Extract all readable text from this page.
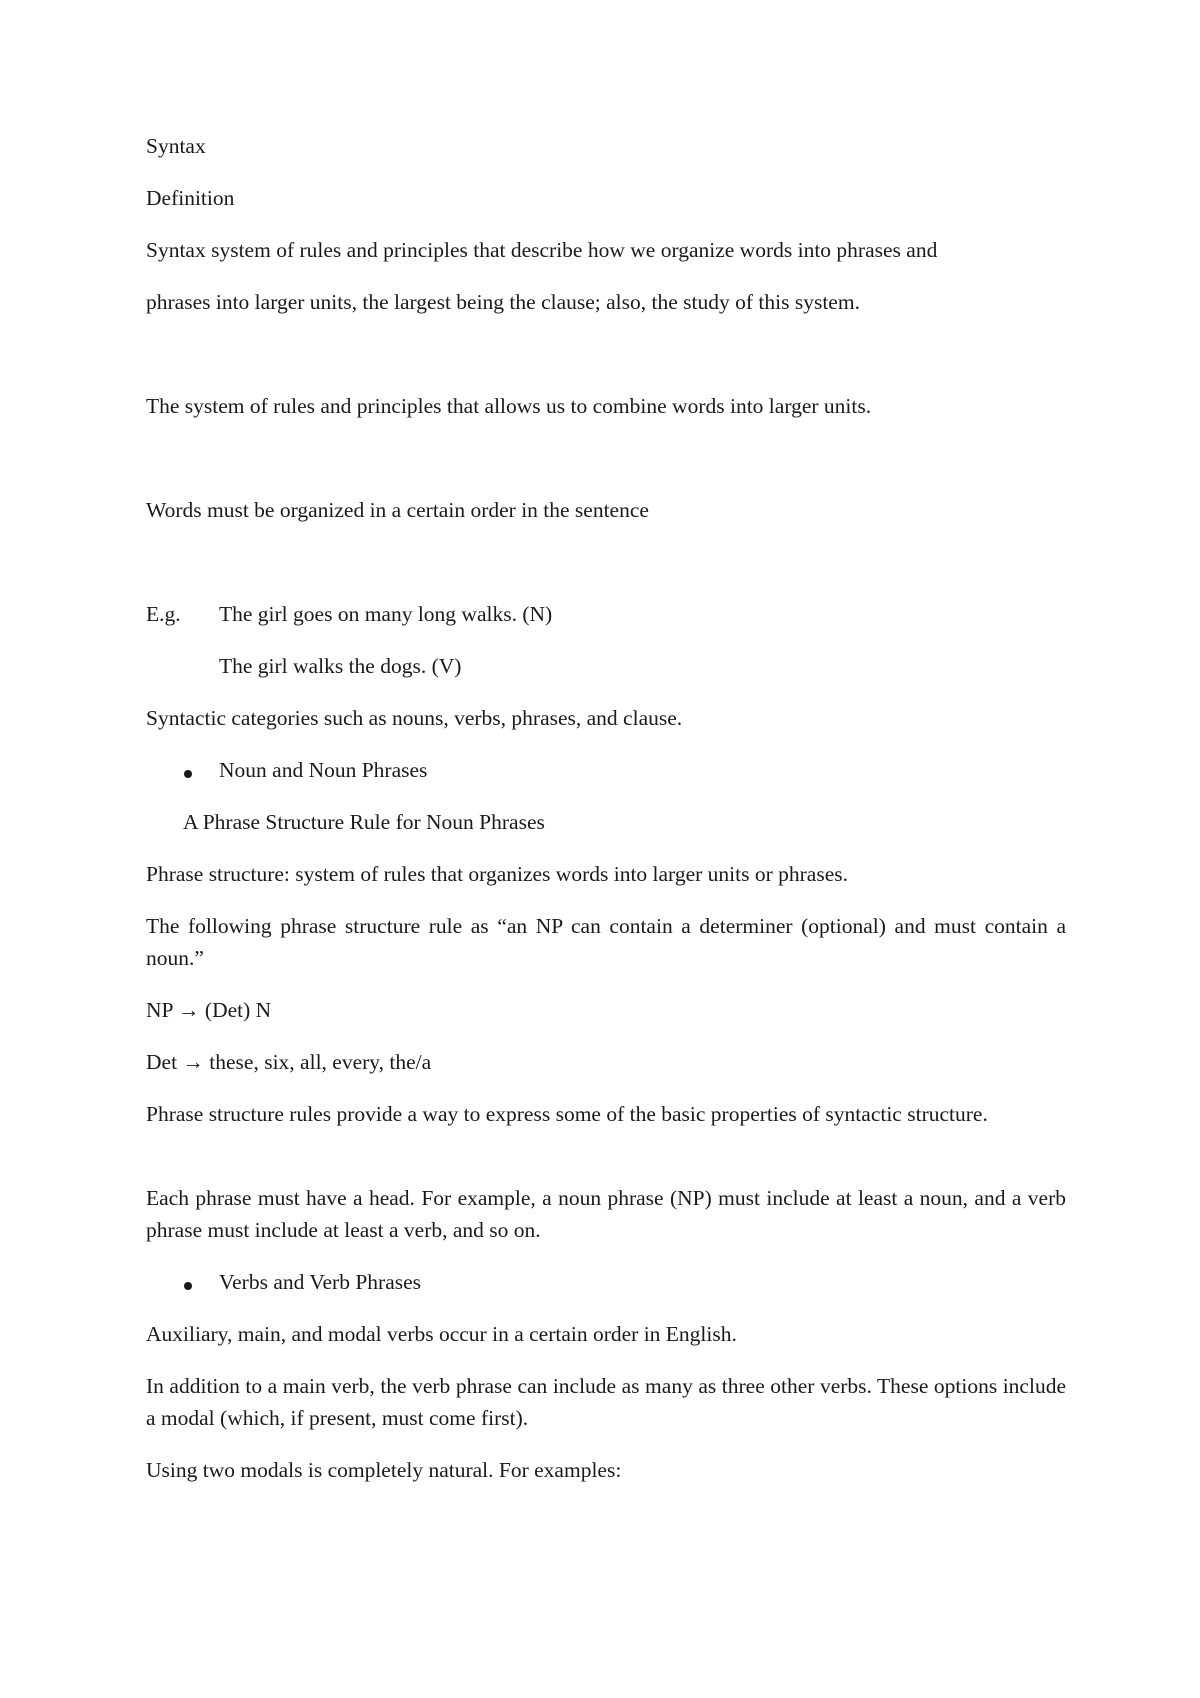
Syntax

Definition

Syntax system of rules and principles that describe how we organize words into phrases and

phrases into larger units, the largest being the clause; also, the study of this system.

The system of rules and principles that allows us to combine words into larger units.

Words must be organized in a certain order in the sentence

E.g. The girl goes on many long walks. (N)

The girl walks the dogs. (V)

Syntactic categories such as nouns, verbs, phrases, and clause.

Noun and Noun Phrases

A Phrase Structure Rule for Noun Phrases

Phrase structure: system of rules that organizes words into larger units or phrases.

The following phrase structure rule as “an NP can contain a determiner (optional) and must contain a noun.”

NP → (Det) N

Det → these, six, all, every, the/a

Phrase structure rules provide a way to express some of the basic properties of syntactic structure.

Each phrase must have a head. For example, a noun phrase (NP) must include at least a noun, and a verb phrase must include at least a verb, and so on.

Verbs and Verb Phrases

Auxiliary, main, and modal verbs occur in a certain order in English.

In addition to a main verb, the verb phrase can include as many as three other verbs. These options include a modal (which, if present, must come first).

Using two modals is completely natural. For examples:
